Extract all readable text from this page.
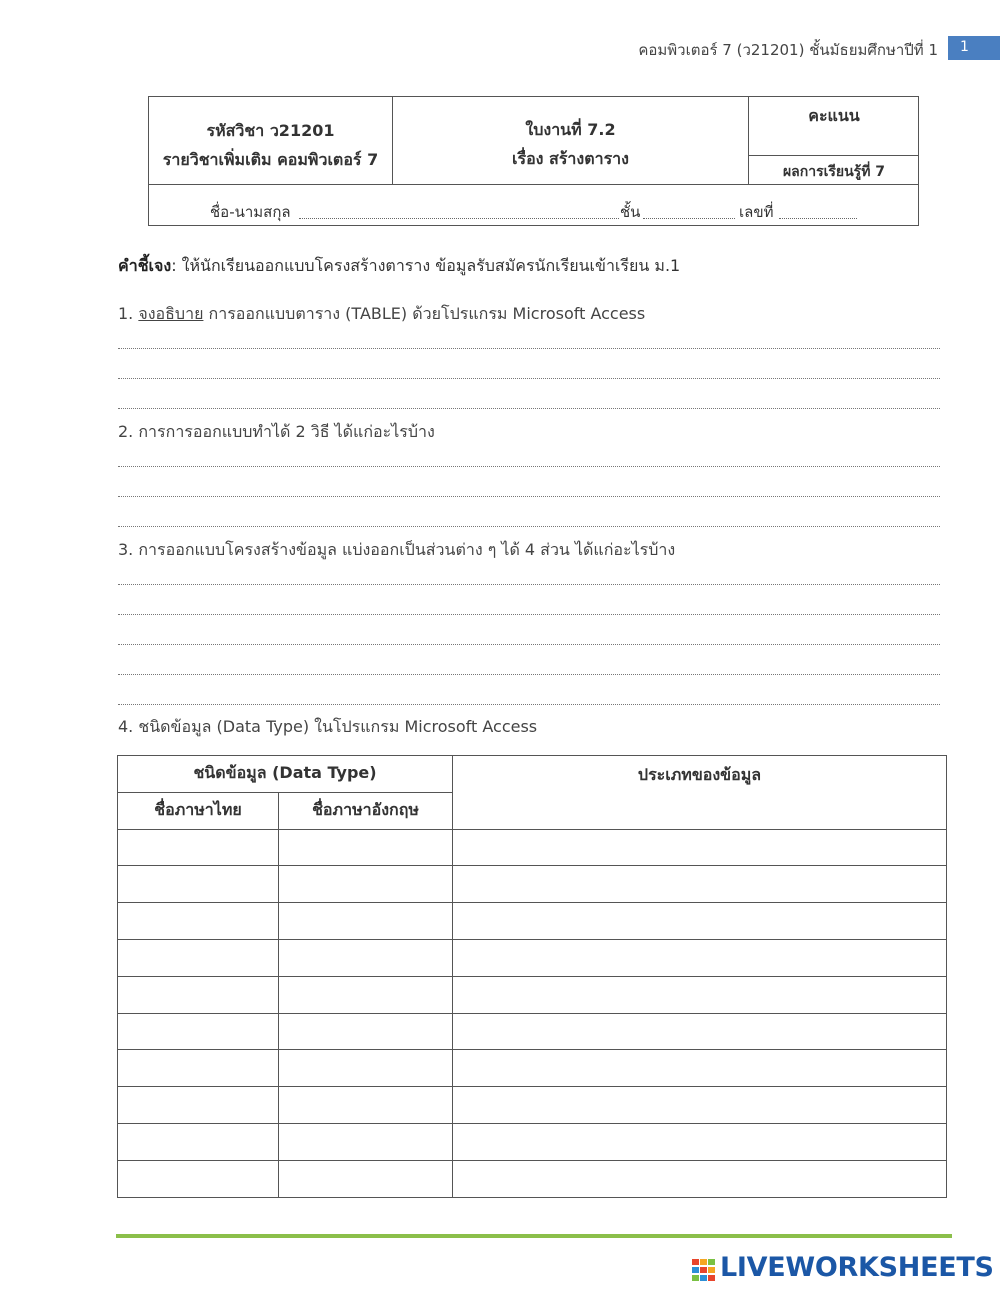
คอมพิวเตอร์ 7 (ว21201) ชั้นมัธยมศึกษาปีที่ 1	1
รหัสวิชา ว21201
รายวิชาเพิ่มเติม คอมพิวเตอร์ 7
ใบงานที่ 7.2
เรื่อง สร้างตาราง
คะแนน
ผลการเรียนรู้ที่ 7
ชื่อ-นามสกุล	ชั้น	เลขที่
คำชี้เจง: ให้นักเรียนออกแบบโครงสร้างตาราง ข้อมูลรับสมัครนักเรียนเข้าเรียน ม.1
1. จงอธิบาย การออกแบบตาราง (TABLE) ด้วยโปรแกรม Microsoft Access
2. การการออกแบบทำได้ 2 วิธี ได้แก่อะไรบ้าง
3. การออกแบบโครงสร้างข้อมูล แบ่งออกเป็นส่วนต่าง ๆ ได้ 4 ส่วน ได้แก่อะไรบ้าง
4. ชนิดข้อมูล (Data Type) ในโปรแกรม Microsoft Access
ชนิดข้อมูล (Data Type)		ประเภทของข้อมูล
ชื่อภาษาไทย	ชื่อภาษาอังกฤษ	

LIVEWORKSHEETS
